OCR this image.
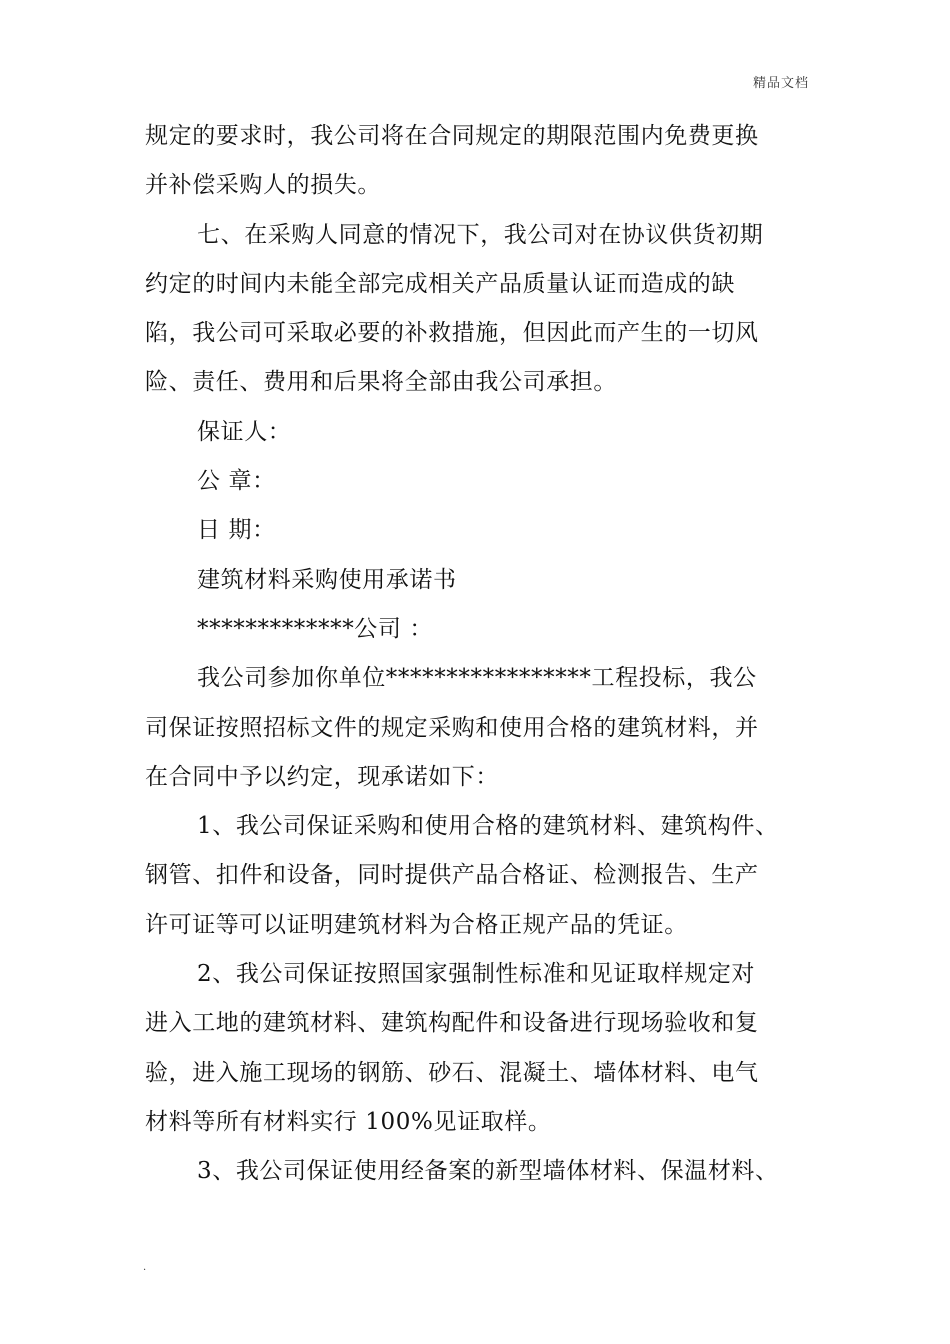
精品文档
规定的要求时，我公司将在合同规定的期限范围内免费更换
并补偿采购人的损失。
七、在采购人同意的情况下，我公司对在协议供货初期
约定的时间内未能全部完成相关产品质量认证而造成的缺
陷，我公司可采取必要的补救措施，但因此而产生的一切风
险、责任、费用和后果将全部由我公司承担。
保证人：
公 章：
日 期：
建筑材料采购使用承诺书
*************公司 ：
我公司参加你单位*****************工程投标，我公
司保证按照招标文件的规定采购和使用合格的建筑材料，并
在合同中予以约定，现承诺如下：
1、我公司保证采购和使用合格的建筑材料、建筑构件、
钢管、扣件和设备，同时提供产品合格证、检测报告、生产
许可证等可以证明建筑材料为合格正规产品的凭证。
2、我公司保证按照国家强制性标准和见证取样规定对
进入工地的建筑材料、建筑构配件和设备进行现场验收和复
验，进入施工现场的钢筋、砂石、混凝土、墙体材料、电气
材料等所有材料实行 100%见证取样。
3、我公司保证使用经备案的新型墙体材料、保温材料、
.
